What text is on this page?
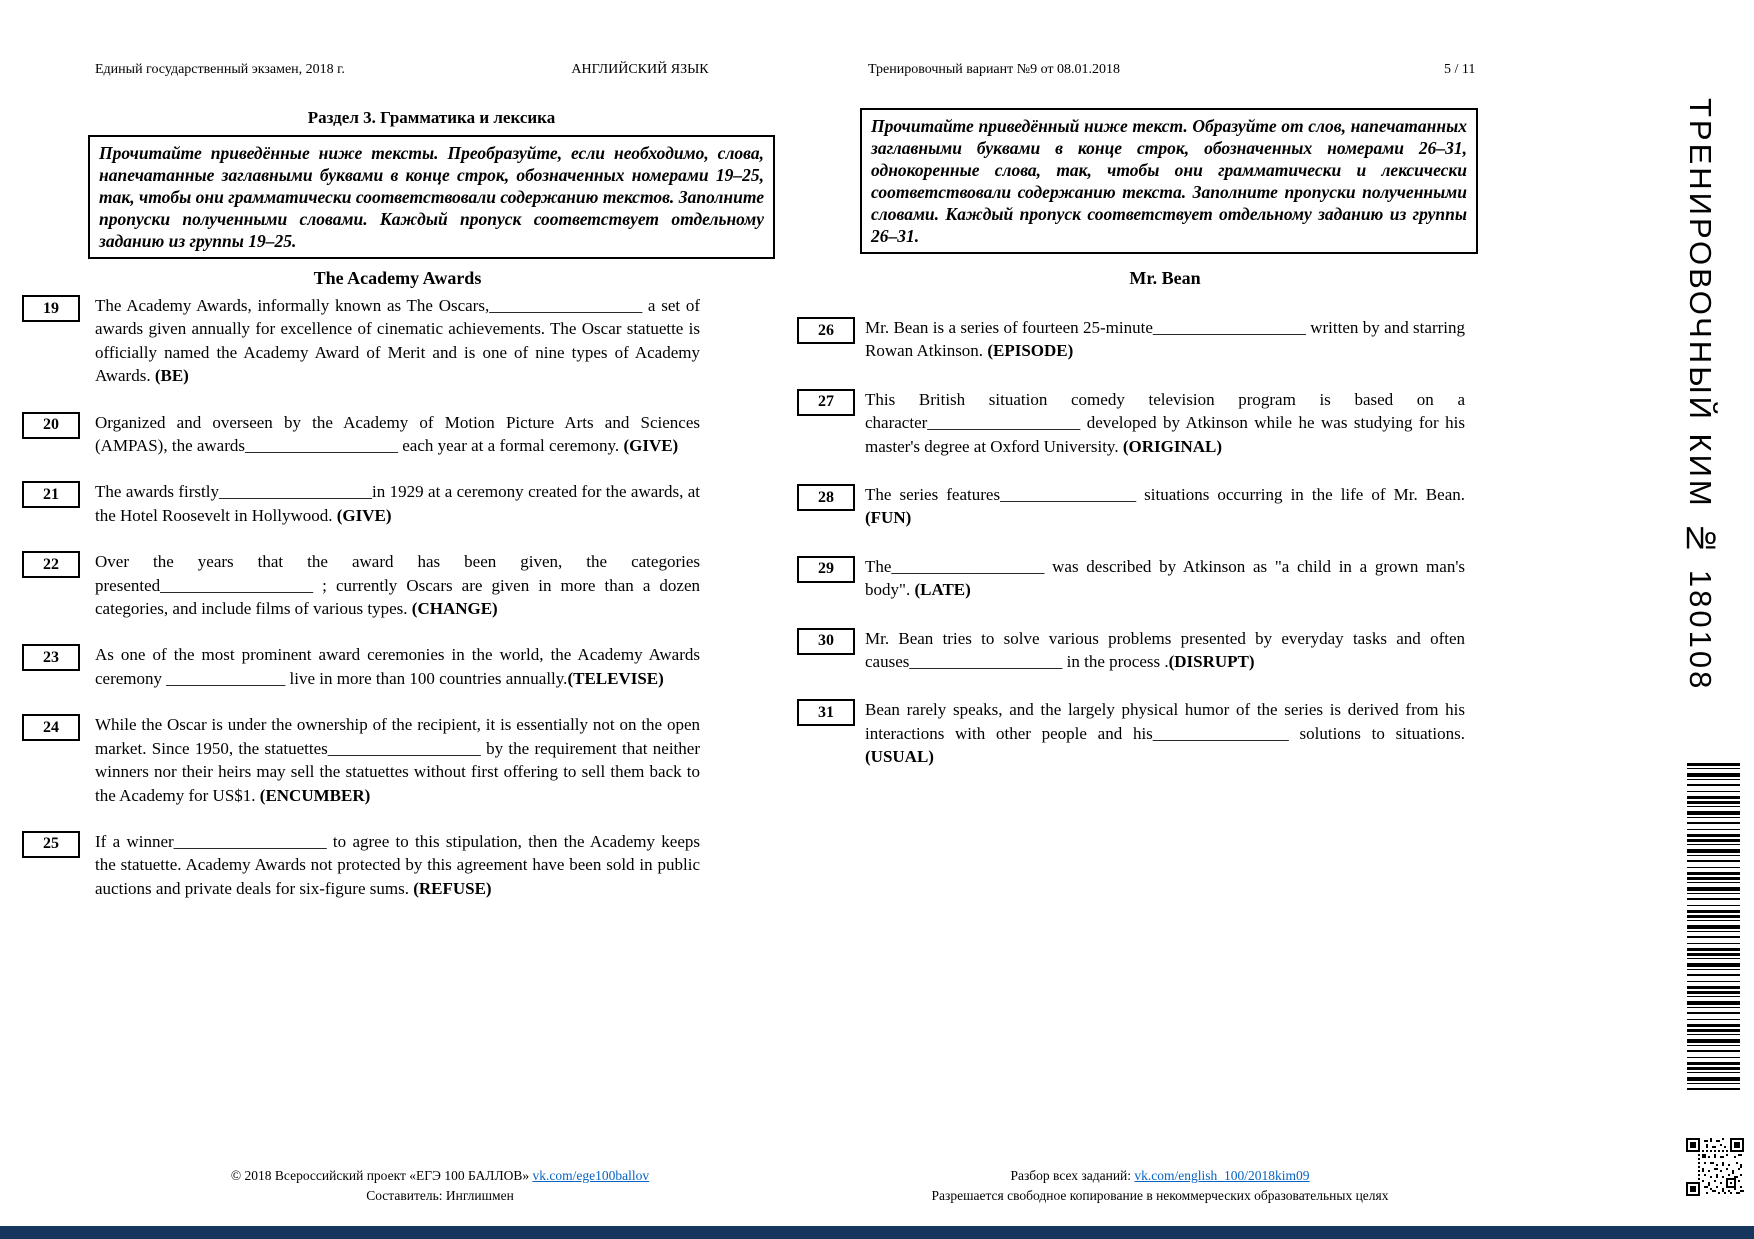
Единый государственный экзамен, 2018 г.	АНГЛИЙСКИЙ ЯЗЫК	Тренировочный вариант №9 от 08.01.2018	5 / 11
Раздел 3. Грамматика и лексика
Прочитайте приведённые ниже тексты. Преобразуйте, если необходимо, слова, напечатанные заглавными буквами в конце строк, обозначенных номерами 19–25, так, чтобы они грамматически соответствовали содержанию текстов. Заполните пропуски полученными словами. Каждый пропуск соответствует отдельному заданию из группы 19–25.
The Academy Awards
19 The Academy Awards, informally known as The Oscars,__________________ a set of awards given annually for excellence of cinematic achievements. The Oscar statuette is officially named the Academy Award of Merit and is one of nine types of Academy Awards. (BE)

20 Organized and overseen by the Academy of Motion Picture Arts and Sciences (AMPAS), the awards__________________ each year at a formal ceremony. (GIVE)

21 The awards firstly__________________in 1929 at a ceremony created for the awards, at the Hotel Roosevelt in Hollywood. (GIVE)

22 Over the years that the award has been given, the categories presented__________________ ; currently Oscars are given in more than a dozen categories, and include films of various types. (CHANGE)

23 As one of the most prominent award ceremonies in the world, the Academy Awards ceremony ______________ live in more than 100 countries annually.(TELEVISE)

24 While the Oscar is under the ownership of the recipient, it is essentially not on the open market. Since 1950, the statuettes__________________ by the requirement that neither winners nor their heirs may sell the statuettes without first offering to sell them back to the Academy for US$1. (ENCUMBER)

25 If a winner__________________ to agree to this stipulation, then the Academy keeps the statuette. Academy Awards not protected by this agreement have been sold in public auctions and private deals for six-figure sums. (REFUSE)

Прочитайте приведённый ниже текст. Образуйте от слов, напечатанных заглавными буквами в конце строк, обозначенных номерами 26–31, однокоренные слова, так, чтобы они грамматически и лексически соответствовали содержанию текста. Заполните пропуски полученными словами. Каждый пропуск соответствует отдельному заданию из группы 26–31.
Mr. Bean
26 Mr. Bean is a series of fourteen 25-minute__________________ written by and starring Rowan Atkinson. (EPISODE)

27 This British situation comedy television program is based on a character__________________ developed by Atkinson while he was studying for his master's degree at Oxford University. (ORIGINAL)

28 The series features________________ situations occurring in the life of Mr. Bean. (FUN)

29 The__________________ was described by Atkinson as "a child in a grown man's body". (LATE)

30 Mr. Bean tries to solve various problems presented by everyday tasks and often causes__________________ in the process .(DISRUPT)

31 Bean rarely speaks, and the largely physical humor of the series is derived from his interactions with other people and his________________ solutions to situations. (USUAL)

ТРЕНИРОВОЧНЫЙ КИМ № 180108
© 2018 Всероссийский проект «ЕГЭ 100 БАЛЛОВ» vk.com/ege100ballov
Составитель: Инглишмен
Разбор всех заданий: vk.com/english_100/2018kim09
Разрешается свободное копирование в некоммерческих образовательных целях
